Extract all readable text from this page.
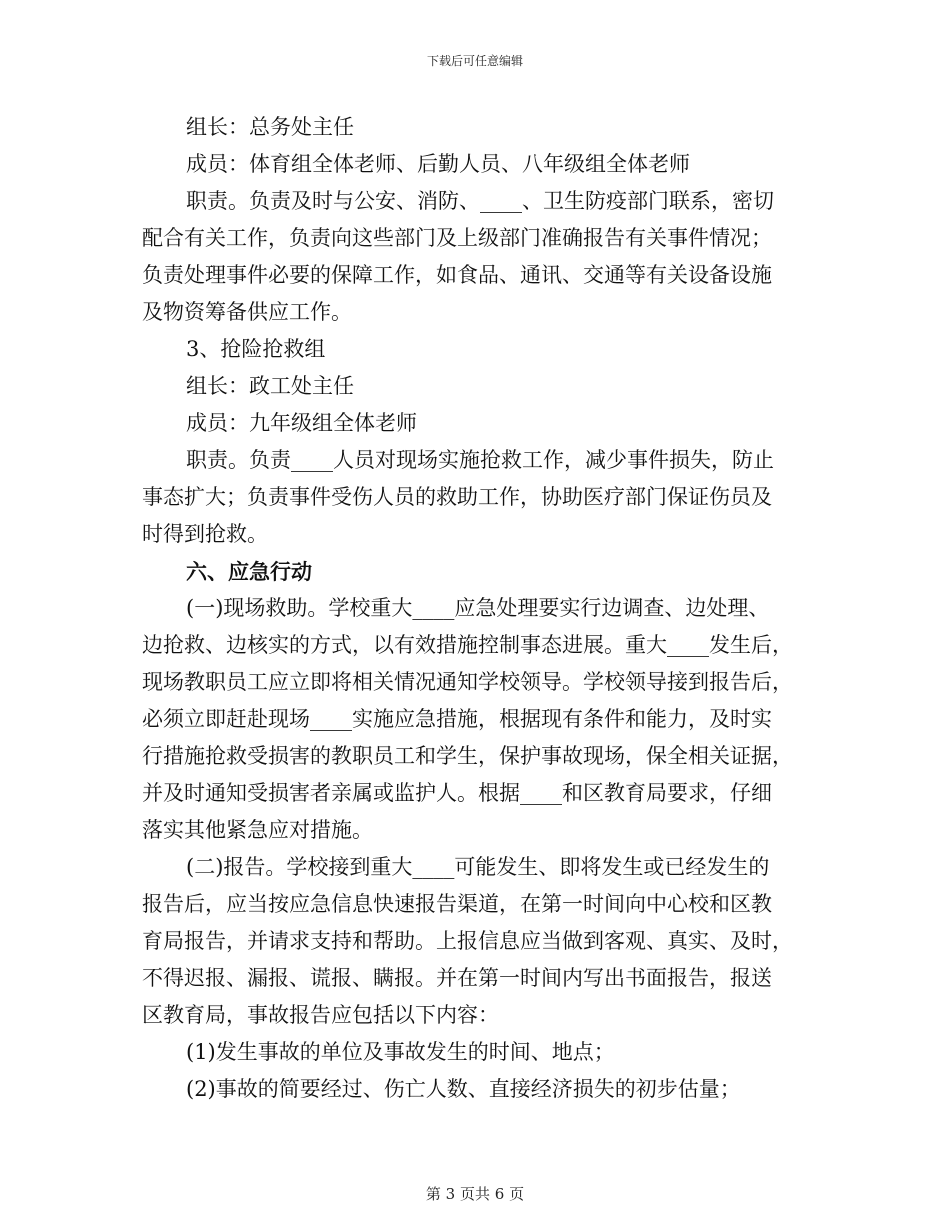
下载后可任意编辑
组长：总务处主任
成员：体育组全体老师、后勤人员、八年级组全体老师
职责。负责及时与公安、消防、____、卫生防疫部门联系，密切
配合有关工作，负责向这些部门及上级部门准确报告有关事件情况；
负责处理事件必要的保障工作，如食品、通讯、交通等有关设备设施
及物资筹备供应工作。
3、抢险抢救组
组长：政工处主任
成员：九年级组全体老师
职责。负责____人员对现场实施抢救工作，减少事件损失，防止
事态扩大；负责事件受伤人员的救助工作，协助医疗部门保证伤员及
时得到抢救。
六、应急行动
(一)现场救助。学校重大____应急处理要实行边调查、边处理、
边抢救、边核实的方式，以有效措施控制事态进展。重大____发生后，
现场教职员工应立即将相关情况通知学校领导。学校领导接到报告后，
必须立即赶赴现场____实施应急措施，根据现有条件和能力，及时实
行措施抢救受损害的教职员工和学生，保护事故现场，保全相关证据，
并及时通知受损害者亲属或监护人。根据____和区教育局要求，仔细
落实其他紧急应对措施。
(二)报告。学校接到重大____可能发生、即将发生或已经发生的
报告后，应当按应急信息快速报告渠道，在第一时间向中心校和区教
育局报告，并请求支持和帮助。上报信息应当做到客观、真实、及时，
不得迟报、漏报、谎报、瞒报。并在第一时间内写出书面报告，报送
区教育局，事故报告应包括以下内容：
(1)发生事故的单位及事故发生的时间、地点；
(2)事故的简要经过、伤亡人数、直接经济损失的初步估量；
第 3 页共 6 页
